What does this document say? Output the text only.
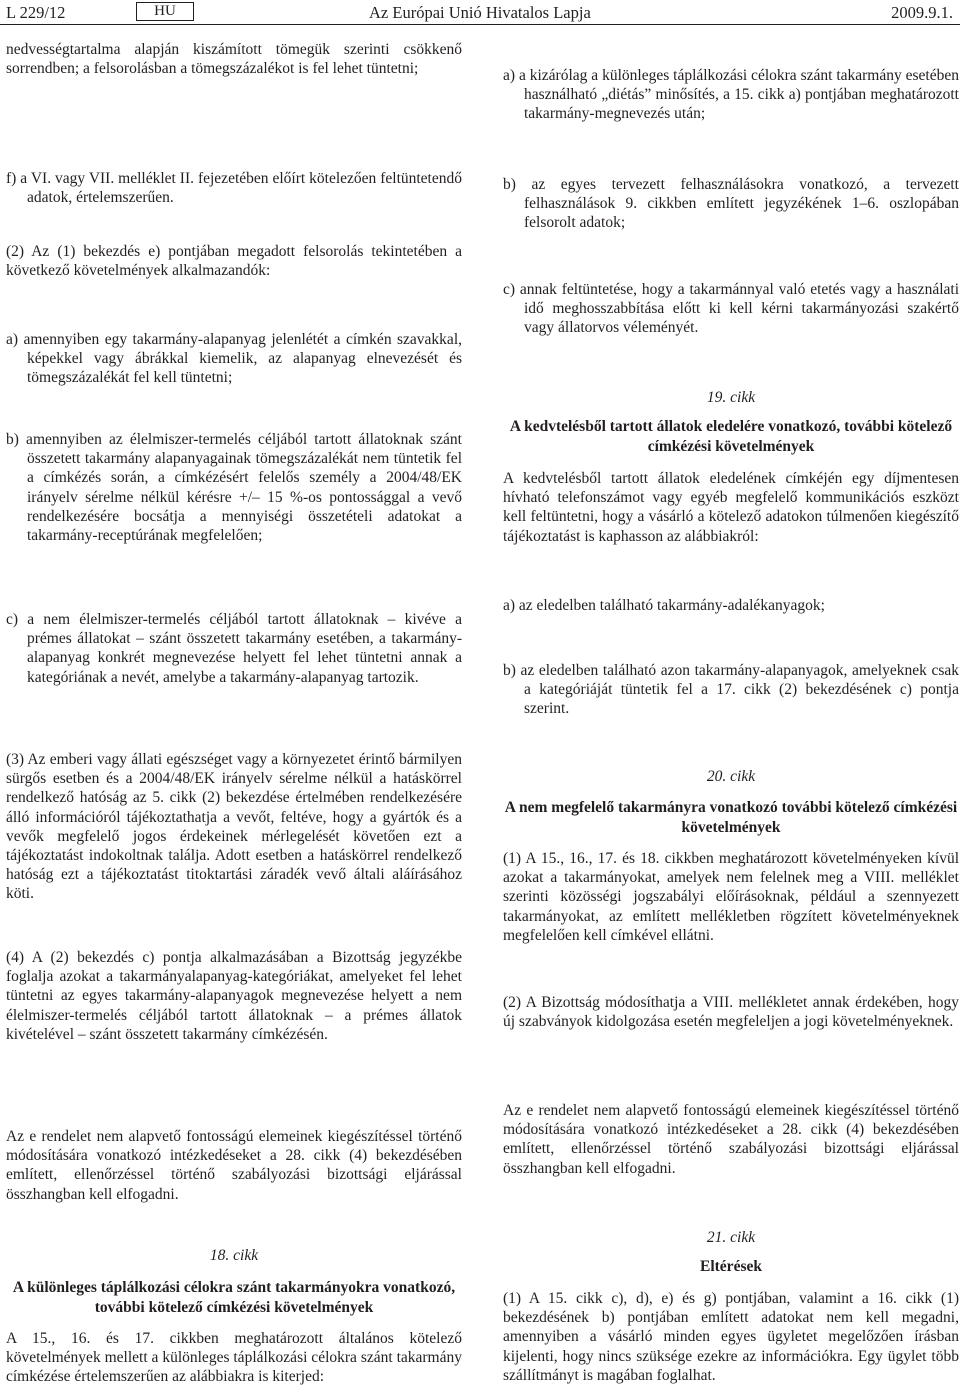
L 229/12	HU	Az Európai Unió Hivatalos Lapja	2009.9.1.

nedvességtartalma alapján kiszámított tömegük szerinti csökkenő sorrendben; a felsorolásban a tömegszázalékot is fel lehet tüntetni;

f) a VI. vagy VII. melléklet II. fejezetében előírt kötelezően feltüntetendő adatok, értelemszerűen.

(2) Az (1) bekezdés e) pontjában megadott felsorolás tekintetében a következő követelmények alkalmazandók:

a) amennyiben egy takarmány-alapanyag jelenlétét a címkén szavakkal, képekkel vagy ábrákkal kiemelik, az alapanyag elnevezését és tömegszázalékát fel kell tüntetni;

b) amennyiben az élelmiszer-termelés céljából tartott állatoknak szánt összetett takarmány alapanyagainak tömegszázalékát nem tüntetik fel a címkézés során, a címkézésért felelős személy a 2004/48/EK irányelv sérelme nélkül kérésre +/– 15 %-os pontossággal a vevő rendelkezésére bocsátja a mennyiségi összetételi adatokat a takarmány-receptúrának megfelelően;

c) a nem élelmiszer-termelés céljából tartott állatoknak – kivéve a prémes állatokat – szánt összetett takarmány esetében, a takarmány-alapanyag konkrét megnevezése helyett fel lehet tüntetni annak a kategóriának a nevét, amelybe a takarmány-alapanyag tartozik.

(3) Az emberi vagy állati egészséget vagy a környezetet érintő bármilyen sürgős esetben és a 2004/48/EK irányelv sérelme nélkül a hatáskörrel rendelkező hatóság az 5. cikk (2) bekezdése értelmében rendelkezésére álló információról tájékoztathatja a vevőt, feltéve, hogy a gyártók és a vevők megfelelő jogos érdekeinek mérlegelését követően ezt a tájékoztatást indokoltnak találja. Adott esetben a hatáskörrel rendelkező hatóság ezt a tájékoztatást titoktartási záradék vevő általi aláírásához köti.

(4) A (2) bekezdés c) pontja alkalmazásában a Bizottság jegyzékbe foglalja azokat a takarmányalapanyag-kategóriákat, amelyeket fel lehet tüntetni az egyes takarmány-alapanyagok megnevezése helyett a nem élelmiszer-termelés céljából tartott állatoknak – a prémes állatok kivételével – szánt összetett takarmány címkézésén.

Az e rendelet nem alapvető fontosságú elemeinek kiegészítéssel történő módosítására vonatkozó intézkedéseket a 28. cikk (4) bekezdésében említett, ellenőrzéssel történő szabályozási bizottsági eljárással összhangban kell elfogadni.

18. cikk
A különleges táplálkozási célokra szánt takarmányokra vonatkozó, további kötelező címkézési követelmények

A 15., 16. és 17. cikkben meghatározott általános kötelező követelmények mellett a különleges táplálkozási célokra szánt takarmány címkézése értelemszerűen az alábbiakra is kiterjed:

a) a kizárólag a különleges táplálkozási célokra szánt takarmány esetében használható „diétás” minősítés, a 15. cikk a) pontjában meghatározott takarmány-megnevezés után;

b) az egyes tervezett felhasználásokra vonatkozó, a tervezett felhasználások 9. cikkben említett jegyzékének 1–6. oszlopában felsorolt adatok;

c) annak feltüntetése, hogy a takarmánnyal való etetés vagy a használati idő meghosszabbítása előtt ki kell kérni takarmányozási szakértő vagy állatorvos véleményét.

19. cikk
A kedvtelésből tartott állatok eledelére vonatkozó, további kötelező címkézési követelmények

A kedvtelésből tartott állatok eledelének címkéjén egy díjmentesen hívható telefonszámot vagy egyéb megfelelő kommunikációs eszközt kell feltüntetni, hogy a vásárló a kötelező adatokon túlmenően kiegészítő tájékoztatást is kaphasson az alábbiakról:

a) az eledelben található takarmány-adalékanyagok;

b) az eledelben található azon takarmány-alapanyagok, amelyeknek csak a kategóriáját tüntetik fel a 17. cikk (2) bekezdésének c) pontja szerint.

20. cikk
A nem megfelelő takarmányra vonatkozó további kötelező címkézési követelmények

(1) A 15., 16., 17. és 18. cikkben meghatározott követelményeken kívül azokat a takarmányokat, amelyek nem felelnek meg a VIII. melléklet szerinti közösségi jogszabályi előírásoknak, például a szennyezett takarmányokat, az említett mellékletben rögzített követelményeknek megfelelően kell címkével ellátni.

(2) A Bizottság módosíthatja a VIII. mellékletet annak érdekében, hogy új szabványok kidolgozása esetén megfeleljen a jogi követelményeknek.

Az e rendelet nem alapvető fontosságú elemeinek kiegészítéssel történő módosítására vonatkozó intézkedéseket a 28. cikk (4) bekezdésében említett, ellenőrzéssel történő szabályozási bizottsági eljárással összhangban kell elfogadni.

21. cikk
Eltérések

(1) A 15. cikk c), d), e) és g) pontjában, valamint a 16. cikk (1) bekezdésének b) pontjában említett adatokat nem kell megadni, amennyiben a vásárló minden egyes ügyletet megelőzően írásban kijelenti, hogy nincs szüksége ezekre az információkra. Egy ügylet több szállítmányt is magában foglalhat.
